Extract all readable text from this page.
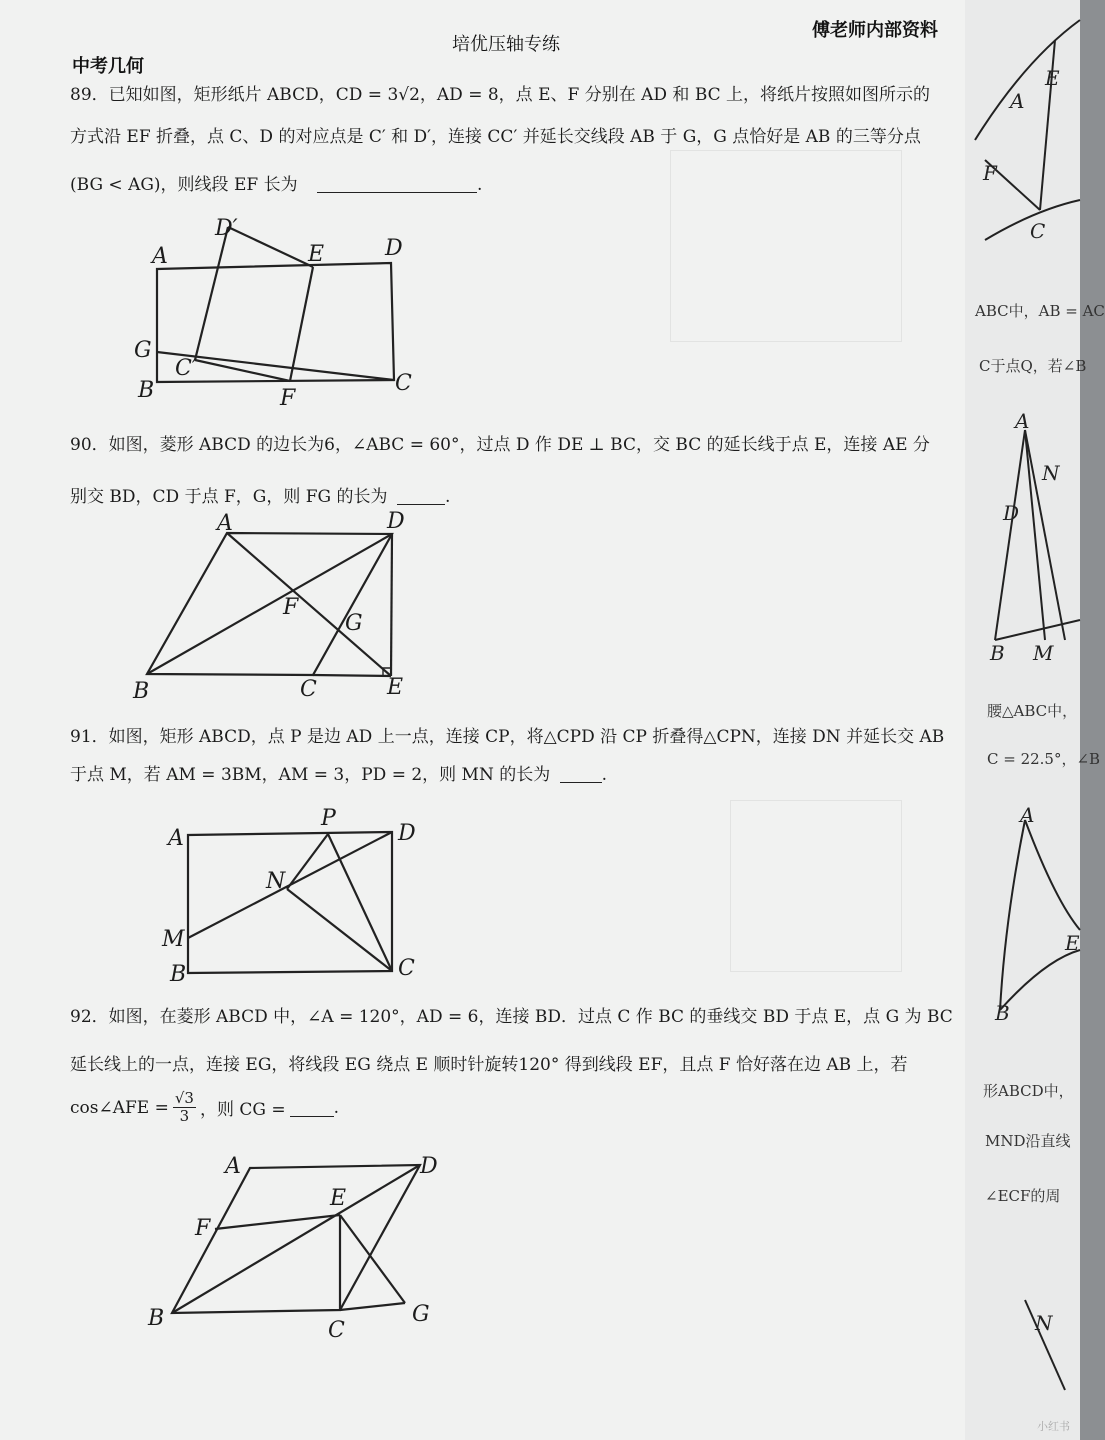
中考几何
培优压轴专练
傅老师内部资料
89．已知如图，矩形纸片 ABCD，CD = 3√2，AD = 8，点 E、F 分别在 AD 和 BC 上，将纸片按照如图所示的
方式沿 EF 折叠，点 C、D 的对应点是 C′ 和 D′，连接 CC′ 并延长交线段 AB 于 G，G 点恰好是 AB 的三等分点
(BG < AG)，则线段 EF 长为	.
A
D′
E	D
G
C′
B	F
C
90．如图，菱形 ABCD 的边长为6，∠ABC = 60°，过点 D 作 DE ⊥ BC，交 BC 的延长线于点 E，连接 AE 分
别交 BD，CD 于点 F，G，则 FG 的长为	.
A	D
F
G
B	C	E
91．如图，矩形 ABCD，点 P 是边 AD 上一点，连接 CP，将△CPD 沿 CP 折叠得△CPN，连接 DN 并延长交 AB
于点 M，若 AM = 3BM，AM = 3，PD = 2，则 MN 的长为	.
A
P
D
N
M
B	C
92．如图，在菱形 ABCD 中，∠A = 120°，AD = 6，连接 BD．过点 C 作 BC 的垂线交 BD 于点 E，点 G 为 BC
延长线上的一点，连接 EG，将线段 EG 绕点 E 顺时针旋转120° 得到线段 EF，且点 F 恰好落在边 AB 上，若
cos∠AFE = $\frac{√3}{3}$ ，则 CG =	.
A	D
E
F
B	C
G
A
F
C
E
A
N
D
B M
A
E
B
N
ABC中，AB = AC
C于点Q，若∠B
腰△ABC中，
C = 22.5°，∠B
形ABCD中，
MND沿直线
∠ECF的周
小红书
